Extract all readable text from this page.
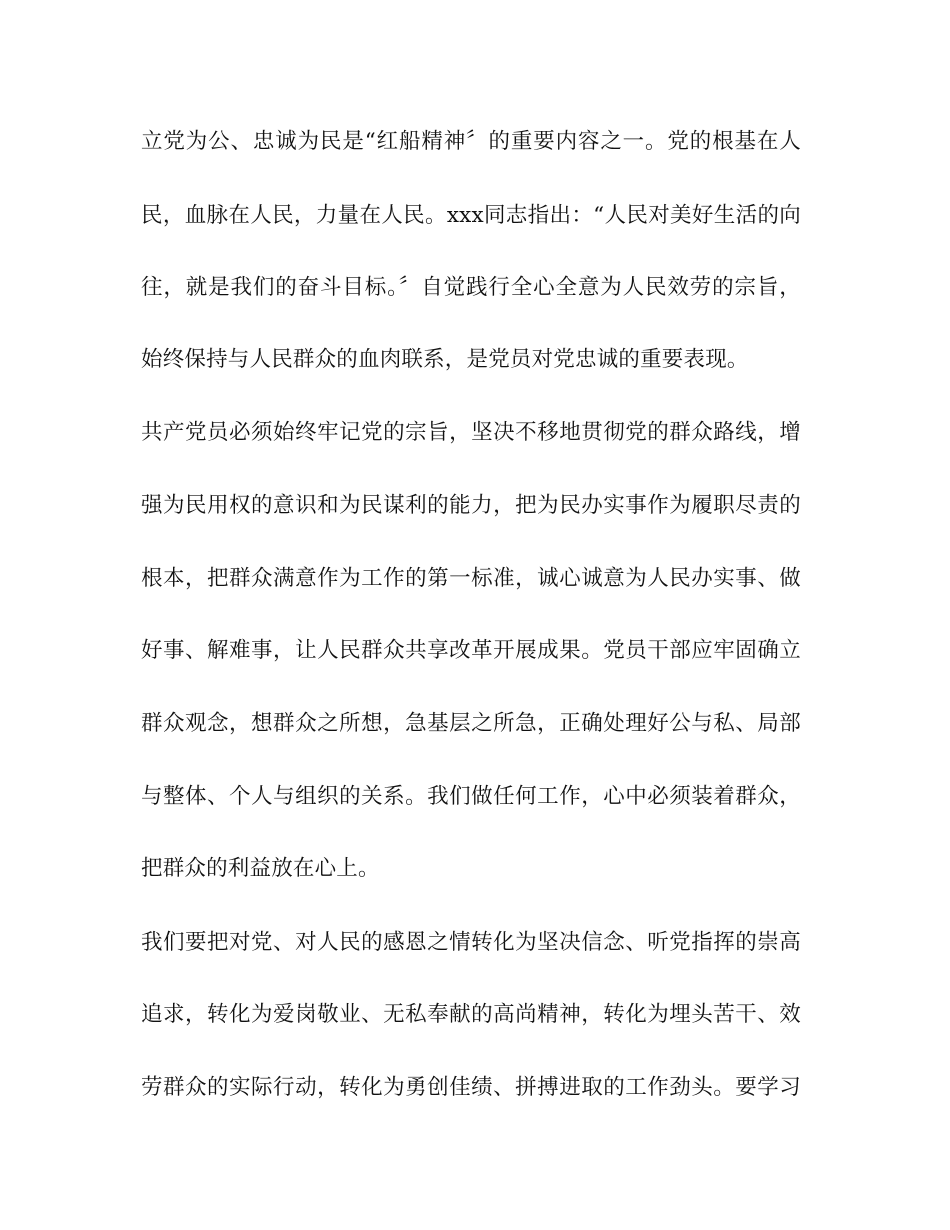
立党为公、忠诚为民是“红船精神〞的重要内容之一。党的根基在人
民，血脉在人民，力量在人民。xxx同志指出：“人民对美好生活的向
往，就是我们的奋斗目标。〞自觉践行全心全意为人民效劳的宗旨，
始终保持与人民群众的血肉联系，是党员对党忠诚的重要表现。
共产党员必须始终牢记党的宗旨，坚决不移地贯彻党的群众路线，增
强为民用权的意识和为民谋利的能力，把为民办实事作为履职尽责的
根本，把群众满意作为工作的第一标准，诚心诚意为人民办实事、做
好事、解难事，让人民群众共享改革开展成果。党员干部应牢固确立
群众观念，想群众之所想，急基层之所急，正确处理好公与私、局部
与整体、个人与组织的关系。我们做任何工作，心中必须装着群众，
把群众的利益放在心上。
我们要把对党、对人民的感恩之情转化为坚决信念、听党指挥的崇高
追求，转化为爱岗敬业、无私奉献的高尚精神，转化为埋头苦干、效
劳群众的实际行动，转化为勇创佳绩、拼搏进取的工作劲头。要学习
